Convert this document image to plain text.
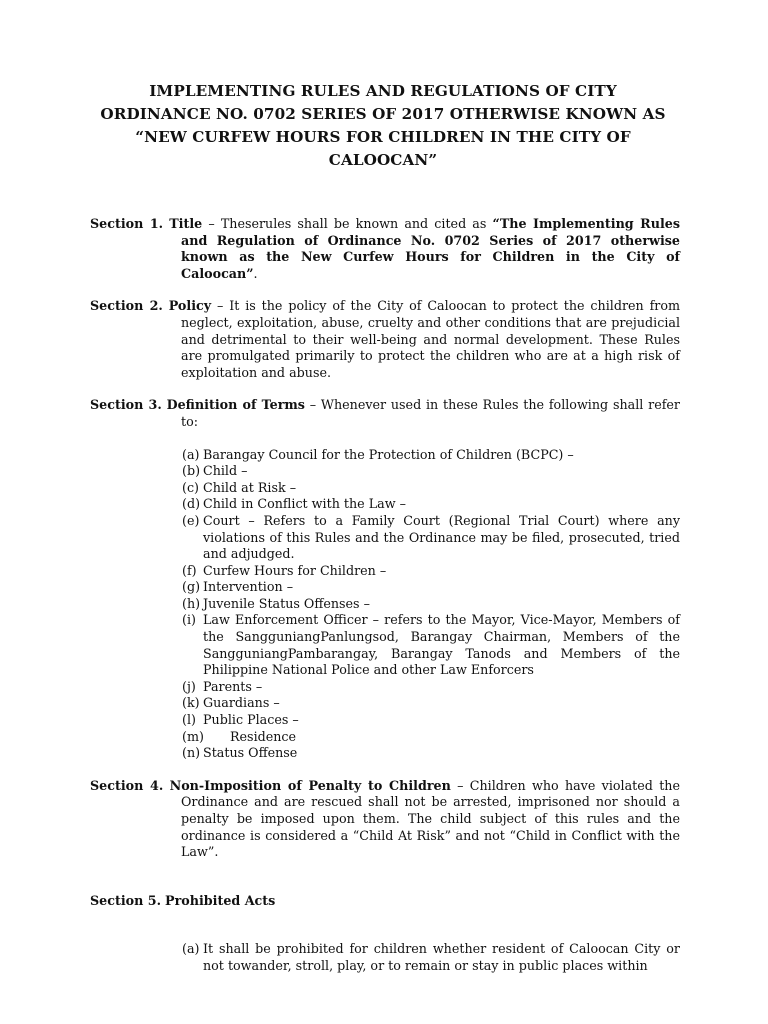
IMPLEMENTING RULES AND REGULATIONS OF CITY
ORDINANCE NO. 0702 SERIES OF 2017 OTHERWISE KNOWN AS
“NEW CURFEW HOURS FOR CHILDREN IN THE CITY OF
CALOOCAN”
Section 1. Title – Theserules shall be known and cited as “The Implementing Rules and Regulation of Ordinance No. 0702 Series of 2017 otherwise known as the New Curfew Hours for Children in the City of Caloocan”.
Section 2. Policy – It is the policy of the City of Caloocan to protect the children from neglect, exploitation, abuse, cruelty and other conditions that are prejudicial and detrimental to their well-being and normal development. These Rules are promulgated primarily to protect the children who are at a high risk of exploitation and abuse.
Section 3. Definition of Terms – Whenever used in these Rules the following shall refer to:
(a) Barangay Council for the Protection of Children (BCPC) –
(b) Child –
(c) Child at Risk –
(d) Child in Conflict with the Law –
(e) Court – Refers to a Family Court (Regional Trial Court) where any violations of this Rules and the Ordinance may be filed, prosecuted, tried and adjudged.
(f) Curfew Hours for Children –
(g) Intervention –
(h) Juvenile Status Offenses –
(i) Law Enforcement Officer – refers to the Mayor, Vice-Mayor, Members of the SangguniangPanlungsod, Barangay Chairman, Members of the SangguniangPambarangay, Barangay Tanods and Members of the Philippine National Police and other Law Enforcers
(j) Parents –
(k) Guardians –
(l) Public Places –
(m) Residence
(n) Status Offense
Section 4. Non-Imposition of Penalty to Children – Children who have violated the Ordinance and are rescued shall not be arrested, imprisoned nor should a penalty be imposed upon them. The child subject of this rules and the ordinance is considered a “Child At Risk” and not “Child in Conflict with the Law”.
Section 5. Prohibited Acts
(a) It shall be prohibited for children whether resident of Caloocan City or not towander, stroll, play, or to remain or stay in public places within
